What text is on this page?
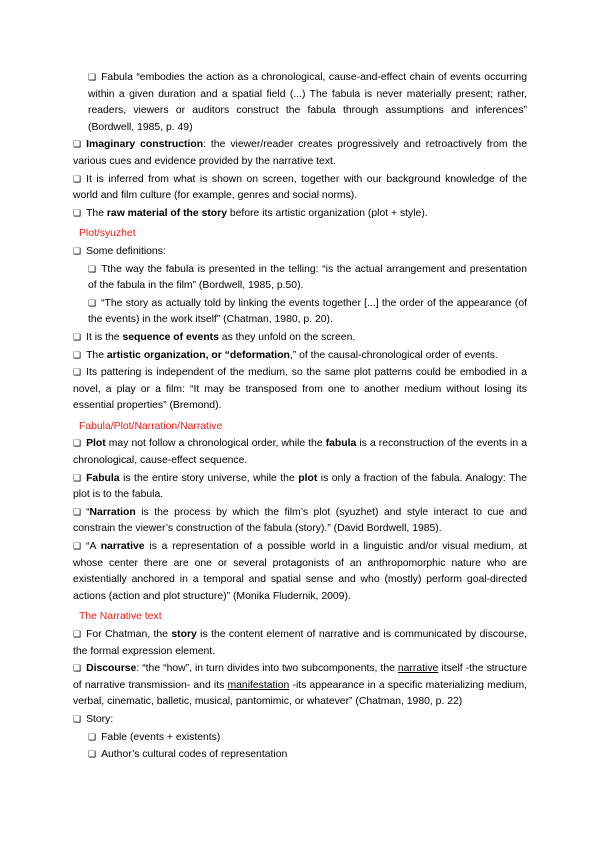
❏ Fabula “embodies the action as a chronological, cause-and-effect chain of events occurring within a given duration and a spatial field (...) The fabula is never materially present; rather, readers, viewers or auditors construct the fabula through assumptions and inferences” (Bordwell, 1985, p. 49)

❏ Imaginary construction: the viewer/reader creates progressively and retroactively from the various cues and evidence provided by the narrative text.

❏ It is inferred from what is shown on screen, together with our background knowledge of the world and film culture (for example, genres and social norms).

❏ The raw material of the story before its artistic organization (plot + style).

Plot/syuzhet

❏ Some definitions:

❏ Tthe way the fabula is presented in the telling: “is the actual arrangement and presentation of the fabula in the film” (Bordwell, 1985, p.50).

❏ “The story as actually told by linking the events together [...] the order of the appearance (of the events) in the work itself” (Chatman, 1980, p. 20).

❏ It is the sequence of events as they unfold on the screen.

❏ The artistic organization, or “deformation,” of the causal-chronological order of events.

❏ Its pattering is independent of the medium, so the same plot patterns could be embodied in a novel, a play or a film: “It may be transposed from one to another medium without losing its essential properties” (Bremond).

Fabula/Plot/Narration/Narrative

❏ Plot may not follow a chronological order, while the fabula is a reconstruction of the events in a chronological, cause-effect sequence.

❏ Fabula is the entire story universe, while the plot is only a fraction of the fabula. Analogy: The plot is to the fabula.

❏ “Narration is the process by which the film’s plot (syuzhet) and style interact to cue and constrain the viewer’s construction of the fabula (story).” (David Bordwell, 1985).

❏ “A narrative is a representation of a possible world in a linguistic and/or visual medium, at whose center there are one or several protagonists of an anthropomorphic nature who are existentially anchored in a temporal and spatial sense and who (mostly) perform goal-directed actions (action and plot structure)” (Monika Fludernik, 2009).

The Narrative text

❏ For Chatman, the story is the content element of narrative and is communicated by discourse, the formal expression element.

❏ Discourse: “the “how”, in turn divides into two subcomponents, the narrative itself -the structure of narrative transmission- and its manifestation -its appearance in a specific materializing medium, verbal, cinematic, balletic, musical, pantomimic, or whatever” (Chatman, 1980, p. 22)

❏ Story:

❏ Fable (events + existents)

❏ Author’s cultural codes of representation
